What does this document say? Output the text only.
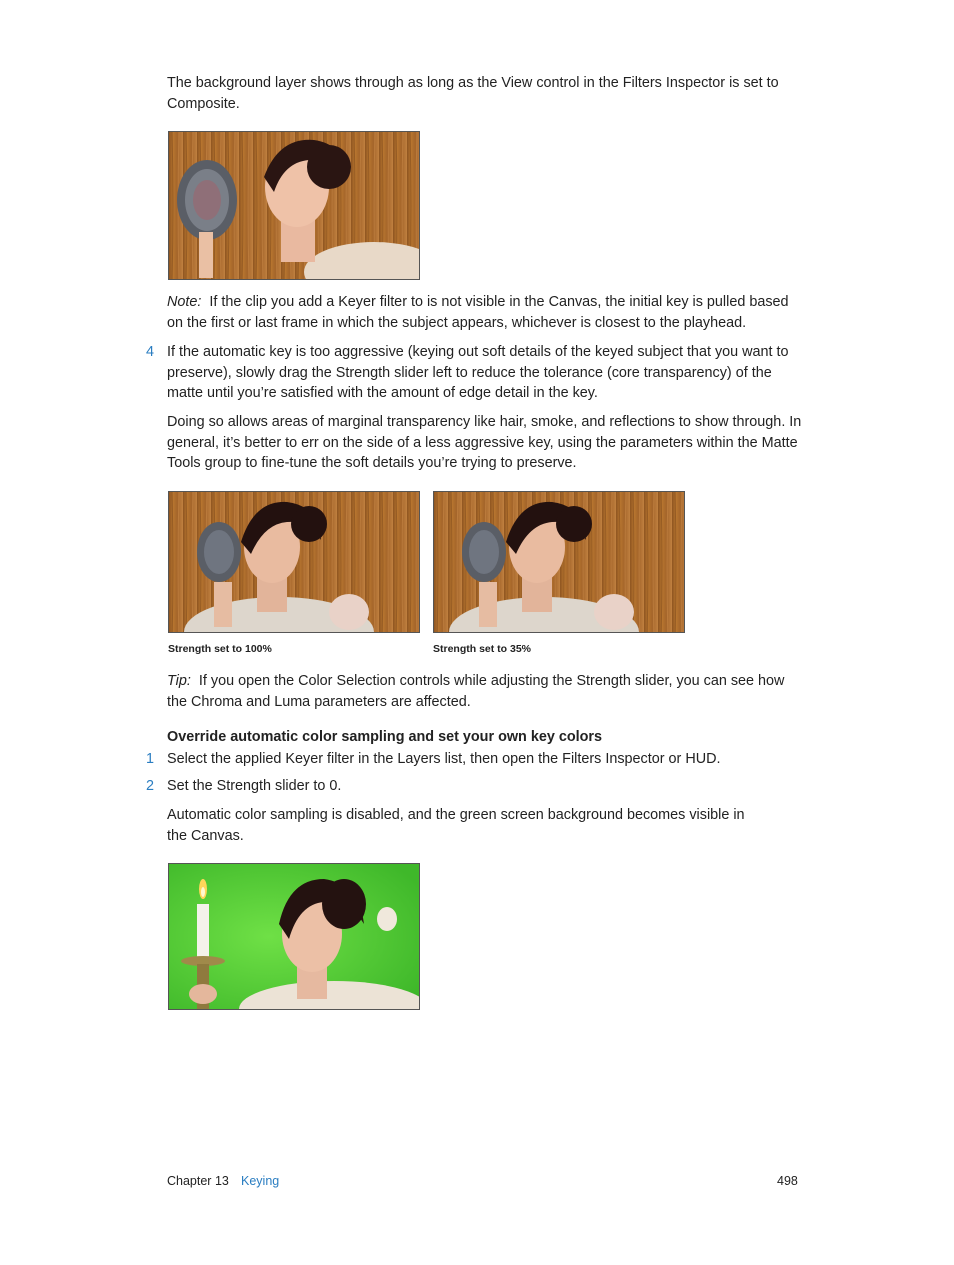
The background layer shows through as long as the View control in the Filters Inspector is set to Composite.

Note: If the clip you add a Keyer filter to is not visible in the Canvas, the initial key is pulled based on the first or last frame in which the subject appears, whichever is closest to the playhead.

4 If the automatic key is too aggressive (keying out soft details of the keyed subject that you want to preserve), slowly drag the Strength slider left to reduce the tolerance (core transparency) of the matte until you’re satisfied with the amount of edge detail in the key.

Doing so allows areas of marginal transparency like hair, smoke, and reflections to show through. In general, it’s better to err on the side of a less aggressive key, using the parameters within the Matte Tools group to fine-tune the soft details you’re trying to preserve.

Strength set to 100%	Strength set to 35%

Tip: If you open the Color Selection controls while adjusting the Strength slider, you can see how the Chroma and Luma parameters are affected.

Override automatic color sampling and set your own key colors

1 Select the applied Keyer filter in the Layers list, then open the Filters Inspector or HUD.

2 Set the Strength slider to 0.

Automatic color sampling is disabled, and the green screen background becomes visible in the Canvas.

Chapter 13 Keying	498
